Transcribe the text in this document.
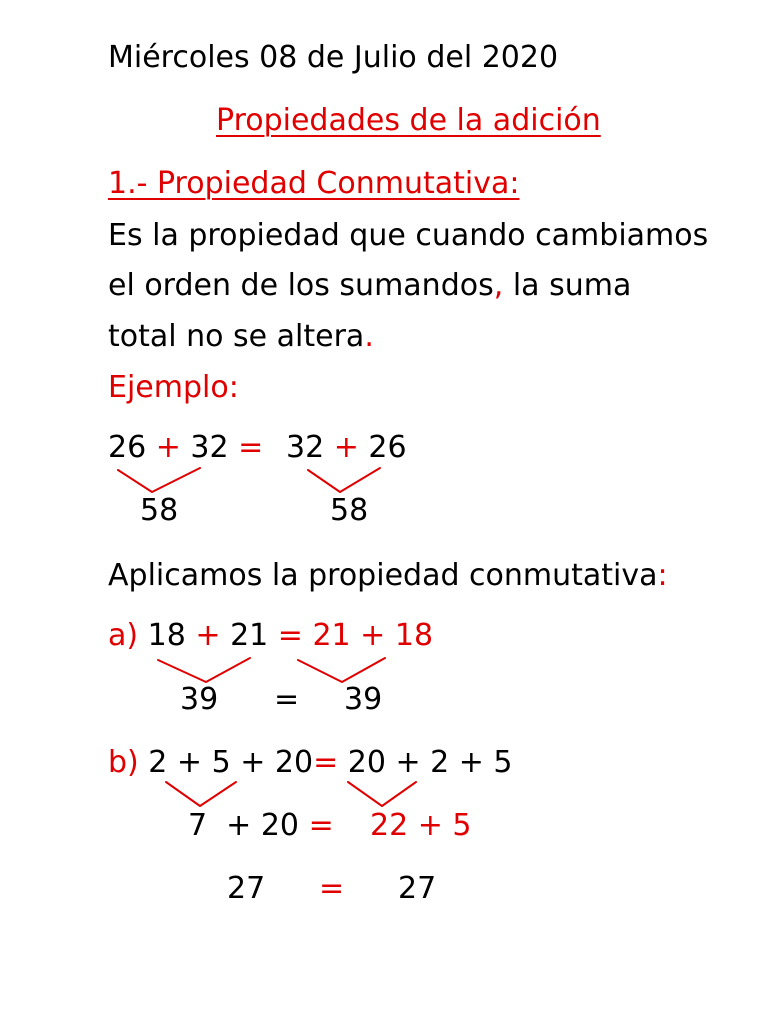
Miércoles 08 de Julio del 2020
Propiedades de la adición
1.- Propiedad Conmutativa:
Es la propiedad que cuando cambiamos
el orden de los sumandos, la suma
total no se altera.
Ejemplo:
26 + 32 = 32 + 26
58	58
Aplicamos la propiedad conmutativa:
a) 18 + 21 = 21 + 18
39 = 39
b) 2 + 5 + 20= 20 + 2 + 5
7  + 20 = 22 + 5
27 = 27
